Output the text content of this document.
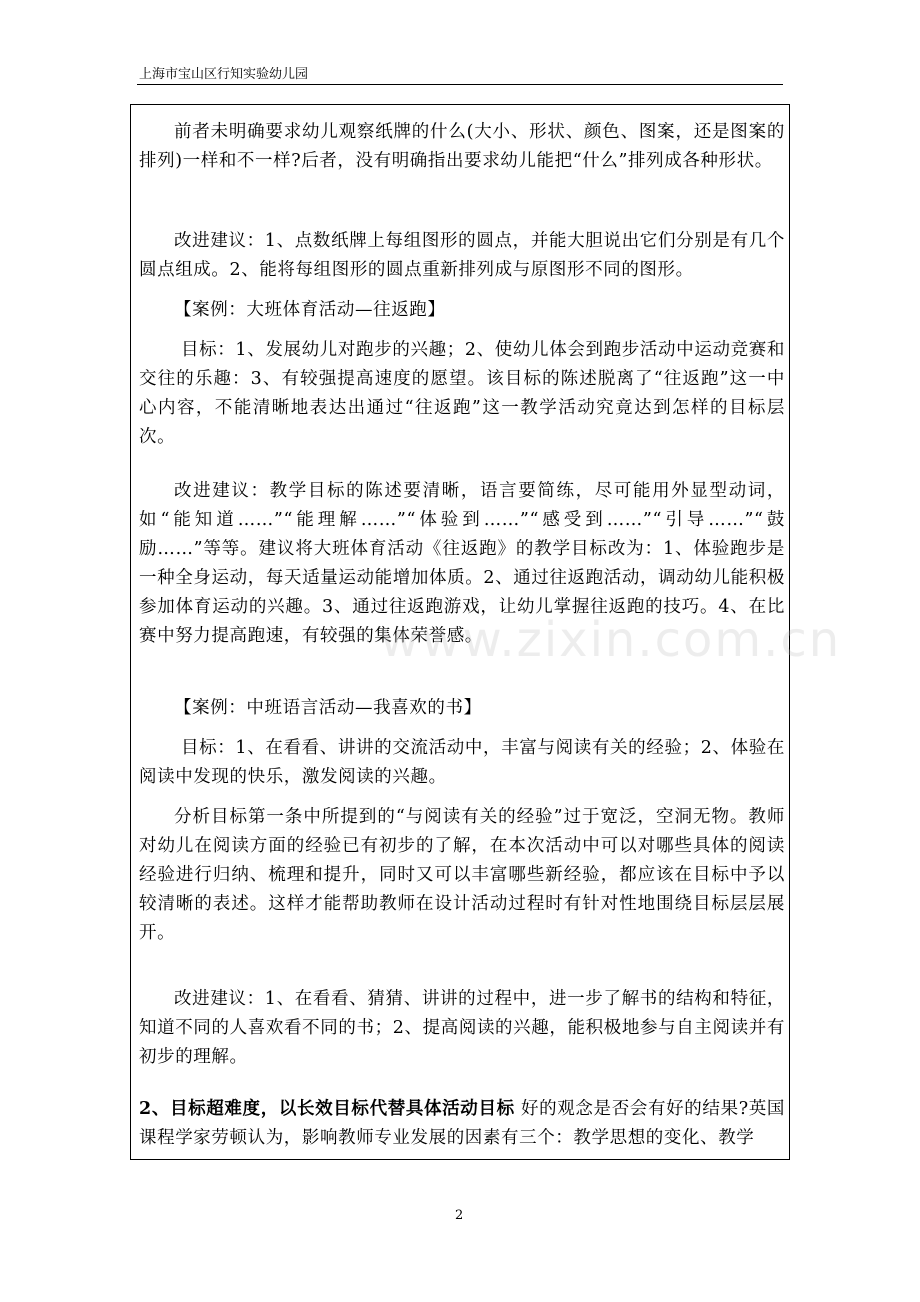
上海市宝山区行知实验幼儿园

前者未明确要求幼儿观察纸牌的什么(大小、形状、颜色、图案，还是图案的排列)一样和不一样?后者，没有明确指出要求幼儿能把“什么”排列成各种形状。

改进建议：1、点数纸牌上每组图形的圆点，并能大胆说出它们分别是有几个圆点组成。2、能将每组图形的圆点重新排列成与原图形不同的图形。

【案例：大班体育活动—往返跑】

目标：1、发展幼儿对跑步的兴趣；2、使幼儿体会到跑步活动中运动竞赛和交往的乐趣：3、有较强提高速度的愿望。该目标的陈述脱离了“往返跑”这一中心内容，不能清晰地表达出通过“往返跑”这一教学活动究竟达到怎样的目标层次。

改进建议：教学目标的陈述要清晰，语言要简练，尽可能用外显型动词，如“能知道……”“能理解……”“体验到……”“感受到……”“引导……”“鼓励……”等等。建议将大班体育活动《往返跑》的教学目标改为：1、体验跑步是一种全身运动，每天适量运动能增加体质。2、通过往返跑活动，调动幼儿能积极参加体育运动的兴趣。3、通过往返跑游戏，让幼儿掌握往返跑的技巧。4、在比赛中努力提高跑速，有较强的集体荣誉感。

【案例：中班语言活动—我喜欢的书】

目标：1、在看看、讲讲的交流活动中，丰富与阅读有关的经验；2、体验在阅读中发现的快乐，激发阅读的兴趣。

分析目标第一条中所提到的“与阅读有关的经验”过于宽泛，空洞无物。教师对幼儿在阅读方面的经验已有初步的了解，在本次活动中可以对哪些具体的阅读经验进行归纳、梳理和提升，同时又可以丰富哪些新经验，都应该在目标中予以较清晰的表述。这样才能帮助教师在设计活动过程时有针对性地围绕目标层层展开。

改进建议：1、在看看、猜猜、讲讲的过程中，进一步了解书的结构和特征，知道不同的人喜欢看不同的书；2、提高阅读的兴趣，能积极地参与自主阅读并有初步的理解。

2、目标超难度，以长效目标代替具体活动目标 好的观念是否会有好的结果?英国课程学家劳顿认为，影响教师专业发展的因素有三个：教学思想的变化、教学

www.zixin.com.cn
2
